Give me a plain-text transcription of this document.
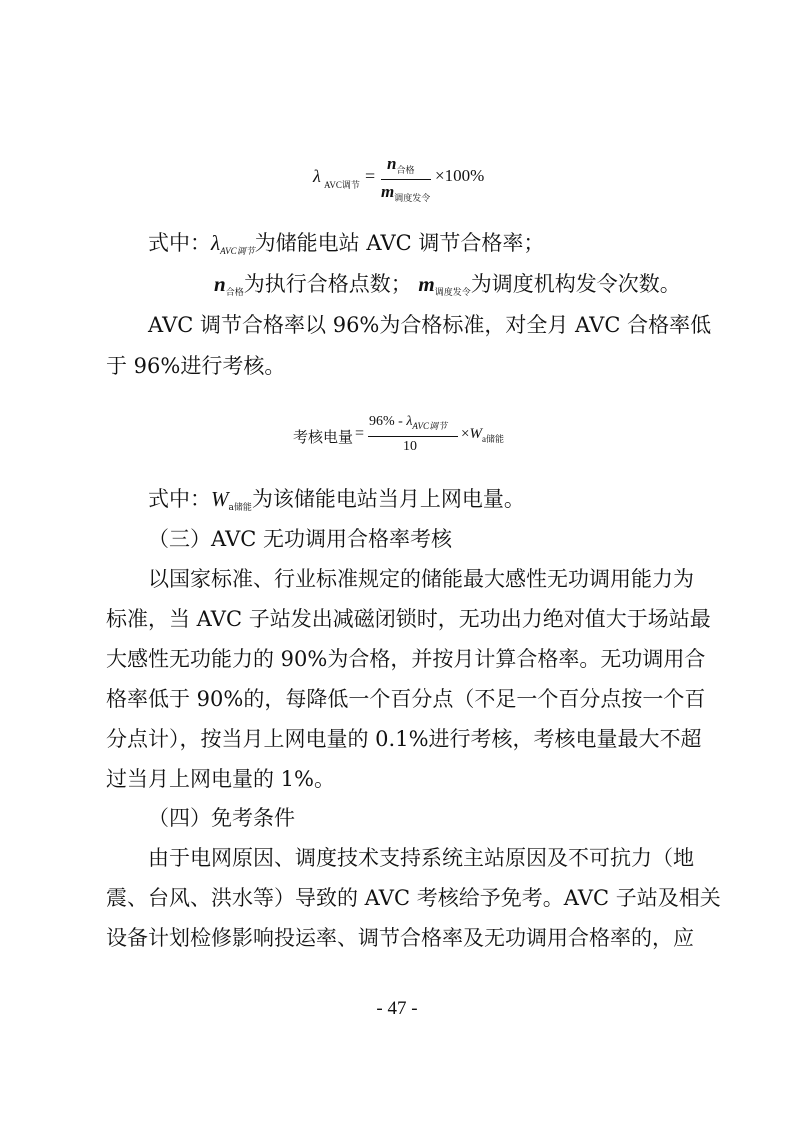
λ AVC调节 =
$n_{合格}$
$m_{调度发令}$
×100%
式中：λAVC调节为储能电站 AVC 调节合格率；
$n_{合格}$为执行合格点数； $m_{调度发令}$为调度机构发令次数。
AVC 调节合格率以 96%为合格标准，对全月 AVC 合格率低
于 96%进行考核。
考核电量 =
$96\% - \lambda_{AVC调节}$
10
$\times W_{a储能}$
式中：$W_{a储能}$为该储能电站当月上网电量。
（三）AVC 无功调用合格率考核
以国家标准、行业标准规定的储能最大感性无功调用能力为
标准，当 AVC 子站发出减磁闭锁时，无功出力绝对值大于场站最
大感性无功能力的 90%为合格，并按月计算合格率。无功调用合
格率低于 90%的，每降低一个百分点（不足一个百分点按一个百
分点计），按当月上网电量的 0.1%进行考核，考核电量最大不超
过当月上网电量的 1%。
（四）免考条件
由于电网原因、调度技术支持系统主站原因及不可抗力（地
震、台风、洪水等）导致的 AVC 考核给予免考。AVC 子站及相关
设备计划检修影响投运率、调节合格率及无功调用合格率的，应
- 47 -
